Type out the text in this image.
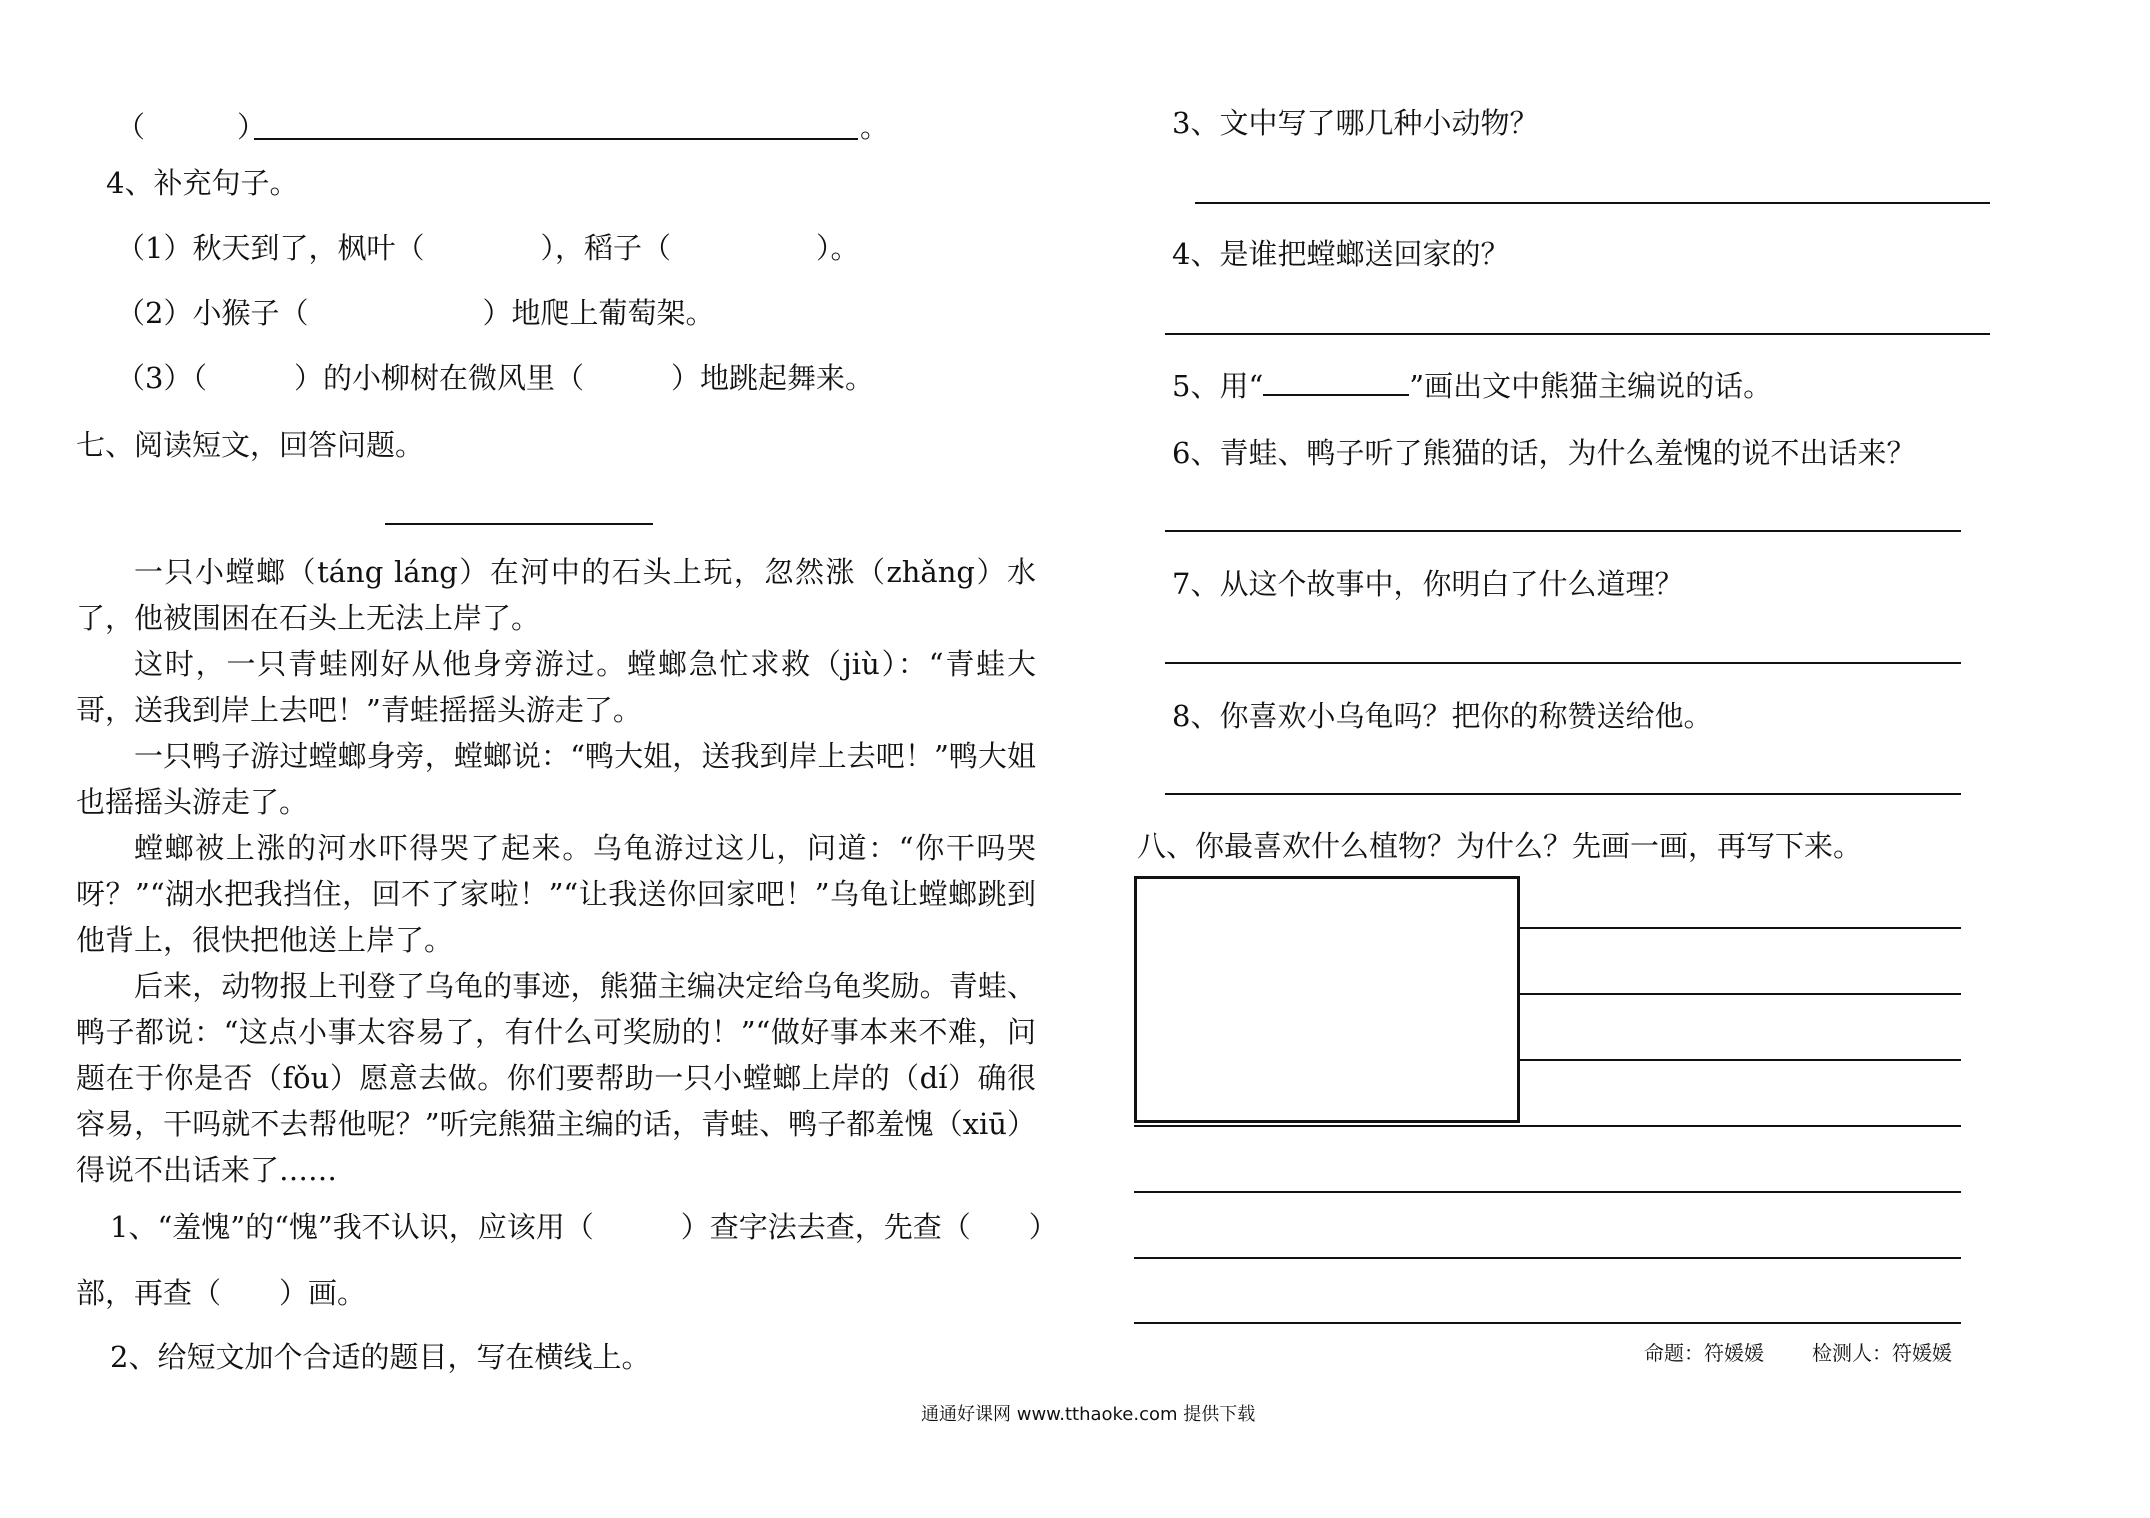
（	）	。
4、补充句子。
（1）秋天到了，枫叶（　　　　），稻子（　　　　　）。
（2）小猴子（　　　　　　）地爬上葡萄架。
（3）（　　　）的小柳树在微风里（　　　）地跳起舞来。
七、阅读短文，回答问题。

一只小螳螂（táng láng）在河中的石头上玩，忽然涨（zhǎng）水了，他被围困在石头上无法上岸了。

这时，一只青蛙刚好从他身旁游过。螳螂急忙求救（jiù）：“青蛙大哥，送我到岸上去吧！”青蛙摇摇头游走了。

一只鸭子游过螳螂身旁，螳螂说：“鸭大姐，送我到岸上去吧！”鸭大姐也摇摇头游走了。

螳螂被上涨的河水吓得哭了起来。乌龟游过这儿，问道：“你干吗哭呀？”“湖水把我挡住，回不了家啦！”“让我送你回家吧！”乌龟让螳螂跳到他背上，很快把他送上岸了。

后来，动物报上刊登了乌龟的事迹，熊猫主编决定给乌龟奖励。青蛙、鸭子都说：“这点小事太容易了，有什么可奖励的！”“做好事本来不难，问题在于你是否（fǒu）愿意去做。你们要帮助一只小螳螂上岸的（dí）确很容易，干吗就不去帮他呢？”听完熊猫主编的话，青蛙、鸭子都羞愧（xiū）得说不出话来了……

1、“羞愧”的“愧”我不认识，应该用（　　　）查字法去查，先查（　　）
部，再查（　　）画。
2、给短文加个合适的题目，写在横线上。
3、文中写了哪几种小动物？
4、是谁把螳螂送回家的？
5、用“	”画出文中熊猫主编说的话。
6、青蛙、鸭子听了熊猫的话，为什么羞愧的说不出话来？
7、从这个故事中，你明白了什么道理？
8、你喜欢小乌龟吗？把你的称赞送给他。
八、你最喜欢什么植物？为什么？先画一画，再写下来。
命题：符媛媛 检测人：符媛媛
通通好课网 www.tthaoke.com 提供下载
